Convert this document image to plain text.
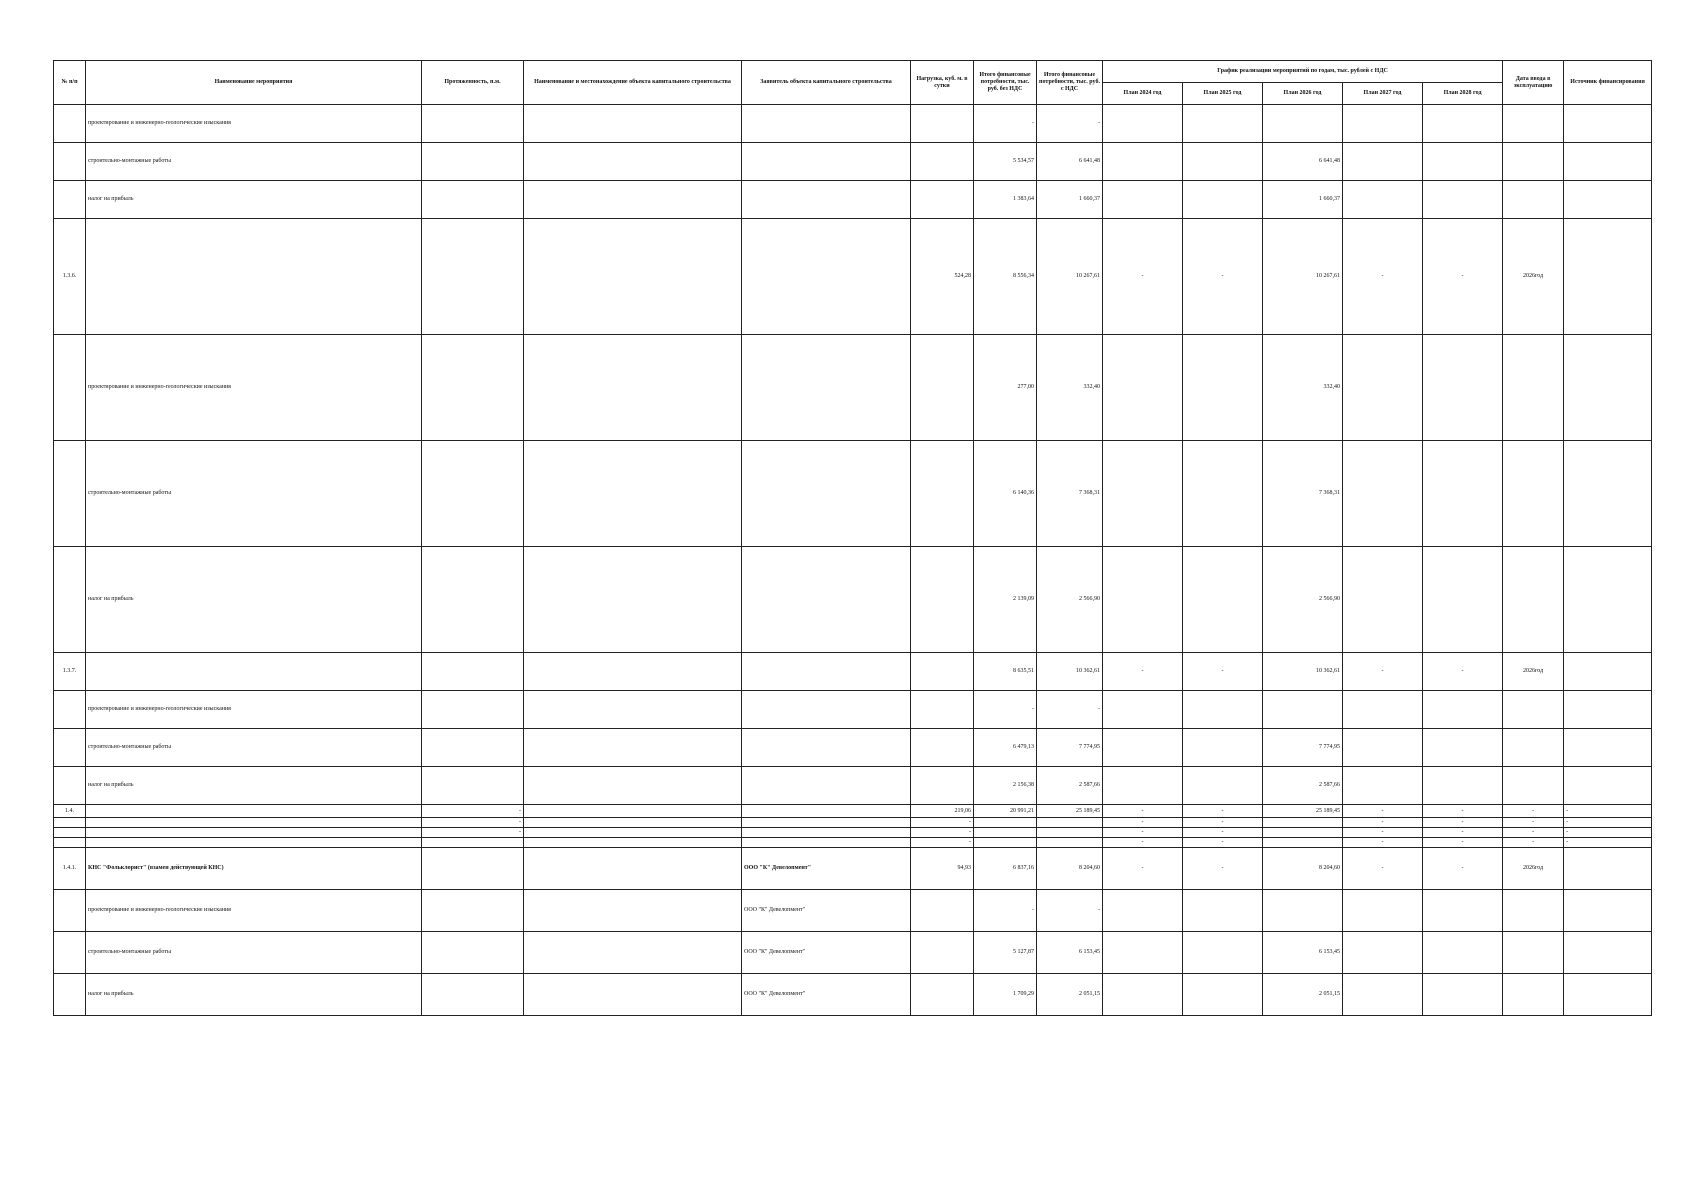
№ п/п	Наименование мероприятия	Протяженность, п.м.	Наименование и местонахождение объекта капитального строительства	Заявитель объекта капитального строительства	Нагрузка, куб. м. в сутки	Итого финансовые потребности, тыс. руб. без НДС	Итого финансовые потребности, тыс. руб. с НДС	График реализации мероприятий по годам, тыс. рублей с НДС					Дата ввода в эксплуатацию	Источник финансирования
								План 2024 год	План 2025 год	План 2026 год	План 2027 год	План 2028 год		
	проектирование и инженерно-геологические изыскания					-	-							
	строительно-монтажные работы					5 534,57	6 641,48			6 641,48				
	налог на прибыль					1 383,64	1 660,37			1 660,37				
1.3.6.					524,28	8 556,34	10 267,61	-	-	10 267,61	-	-	2026год	
	проектирование и инженерно-геологические изыскания					277,00	332,40			332,40				
	строительно-монтажные работы					6 140,36	7 368,31			7 368,31				
	налог на прибыль					2 139,09	2 566,90			2 566,90				
1.3.7.						8 635,51	10 362,61	-	-	10 362,61	-	-	2026год	
	проектирование и инженерно-геологические изыскания					-	-							
	строительно-монтажные работы					6 479,13	7 774,95			7 774,95				
	налог на прибыль					2 156,38	2 587,66			2 587,66				
1.4.		-			219,06	20 991,21	25 189,45	-	-	25 189,45	-	-	-	-
		-			-			-	-		-	-	-	-
		-			-			-	-		-	-	-	-
					-			-	-		-	-	-	-
1.4.1.	КНС "Фольклорист" (взамен действующей КНС)			ООО "К" Девелопмент"	94,93	6 837,16	8 204,60	-	-	8 204,60	-	-	2026год	
	проектирование и инженерно-геологические изыскания			ООО "К" Девелопмент"		-	-							
	строительно-монтажные работы			ООО "К" Девелопмент"		5 127,87	6 153,45			6 153,45				
	налог на прибыль			ООО "К" Девелопмент"		1 709,29	2 051,15			2 051,15				
